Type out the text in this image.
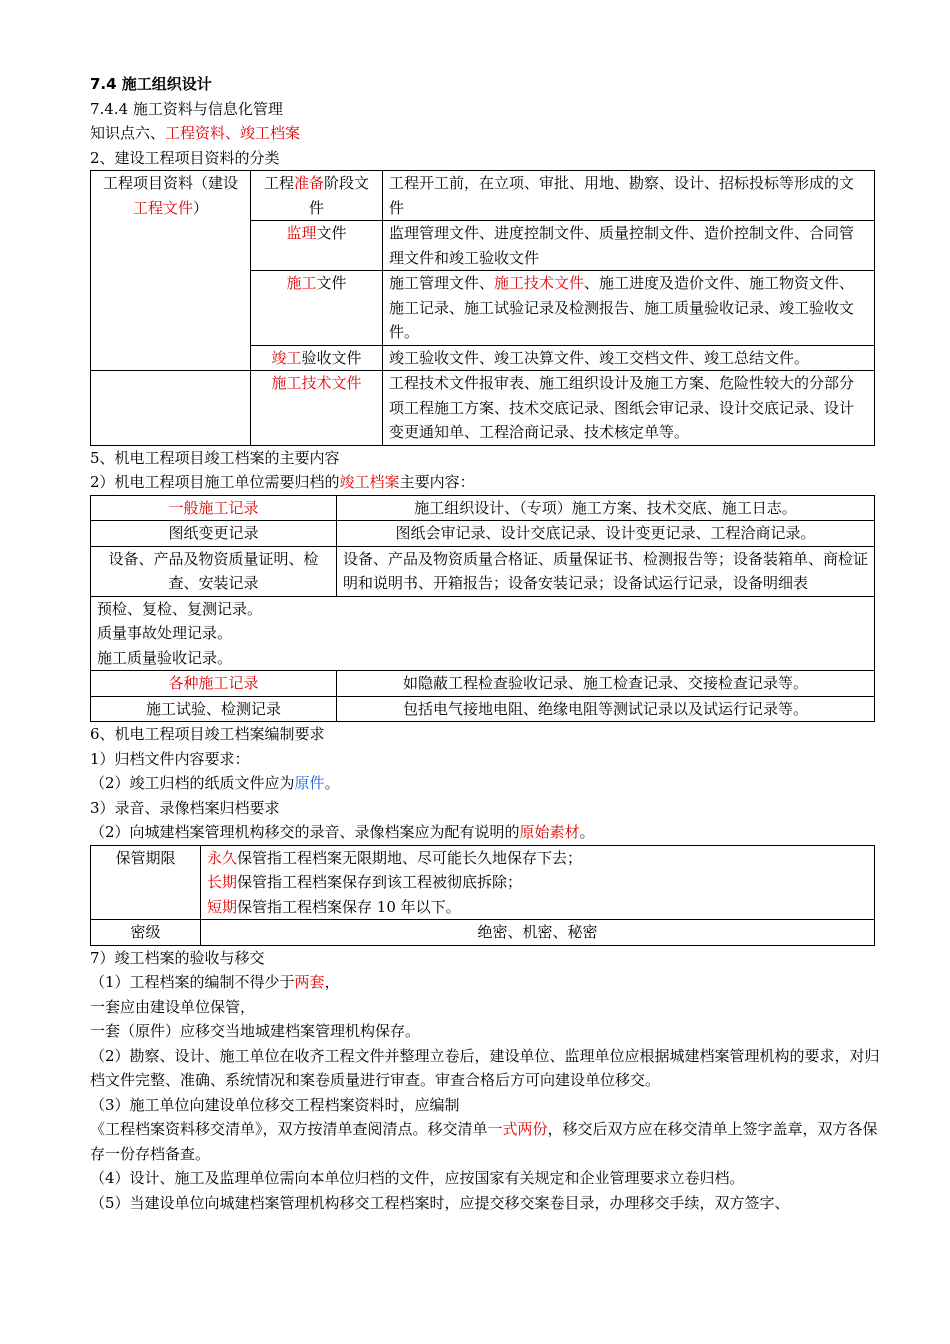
7.4 施工组织设计
7.4.4 施工资料与信息化管理
知识点六、工程资料、竣工档案
2、建设工程项目资料的分类
工程项目资料（建设工程文件）	工程准备阶段文件	工程开工前，在立项、审批、用地、勘察、设计、招标投标等形成的文件
	监理文件	监理管理文件、进度控制文件、质量控制文件、造价控制文件、合同管理文件和竣工验收文件
	施工文件	施工管理文件、施工技术文件、施工进度及造价文件、施工物资文件、施工记录、施工试验记录及检测报告、施工质量验收记录、竣工验收文件。
	竣工验收文件	竣工验收文件、竣工决算文件、竣工交档文件、竣工总结文件。
	施工技术文件	工程技术文件报审表、施工组织设计及施工方案、危险性较大的分部分项工程施工方案、技术交底记录、图纸会审记录、设计交底记录、设计变更通知单、工程洽商记录、技术核定单等。
5、机电工程项目竣工档案的主要内容
2）机电工程项目施工单位需要归档的竣工档案主要内容：
一般施工记录	施工组织设计、（专项）施工方案、技术交底、施工日志。
图纸变更记录	图纸会审记录、设计交底记录、设计变更记录、工程洽商记录。
设备、产品及物资质量证明、检查、安装记录	设备、产品及物资质量合格证、质量保证书、检测报告等；设备装箱单、商检证明和说明书、开箱报告；设备安装记录；设备试运行记录，设备明细表

预检、复检、复测记录。
质量事故处理记录。
施工质量验收记录。	

各种施工记录	如隐蔽工程检查验收记录、施工检查记录、交接检查记录等。
施工试验、检测记录	包括电气接地电阻、绝缘电阻等测试记录以及试运行记录等。
6、机电工程项目竣工档案编制要求
1）归档文件内容要求：
（2）竣工归档的纸质文件应为原件。
3）录音、录像档案归档要求
（2）向城建档案管理机构移交的录音、录像档案应为配有说明的原始素材。
保管期限	永久保管指工程档案无限期地、尽可能长久地保存下去；
长期保管指工程档案保存到该工程被彻底拆除；
短期保管指工程档案保存 10 年以下。

密级	绝密、机密、秘密
7）竣工档案的验收与移交
（1）工程档案的编制不得少于两套，
一套应由建设单位保管，
一套（原件）应移交当地城建档案管理机构保存。
（2）勘察、设计、施工单位在收齐工程文件并整理立卷后，建设单位、监理单位应根据城建档案管理机构的要求，对归档文件完整、准确、系统情况和案卷质量进行审查。审查合格后方可向建设单位移交。
（3）施工单位向建设单位移交工程档案资料时，应编制
《工程档案资料移交清单》，双方按清单查阅清点。移交清单一式两份，移交后双方应在移交清单上签字盖章，双方各保存一份存档备查。
（4）设计、施工及监理单位需向本单位归档的文件，应按国家有关规定和企业管理要求立卷归档。
（5）当建设单位向城建档案管理机构移交工程档案时，应提交移交案卷目录，办理移交手续，双方签字、
